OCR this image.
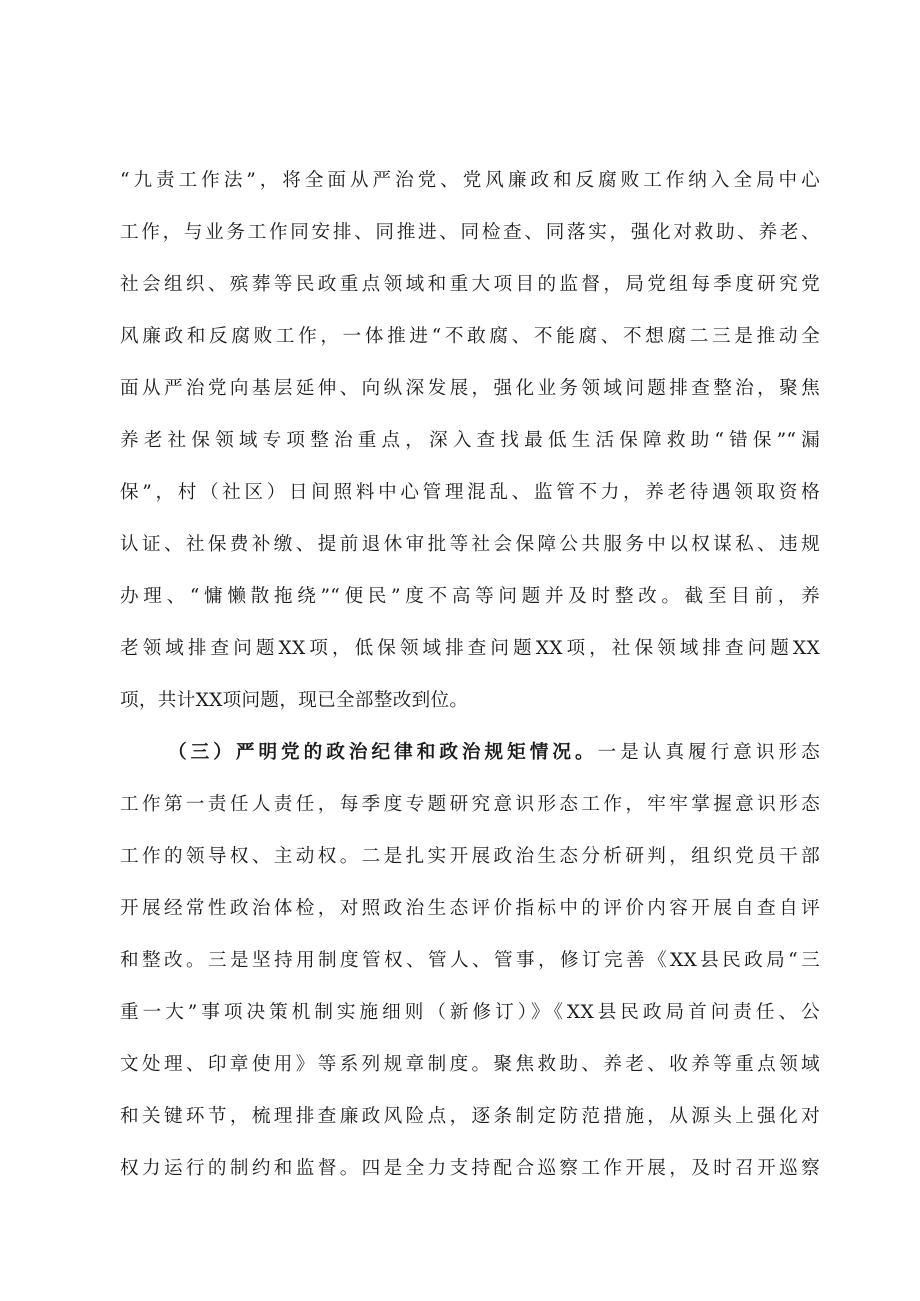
“九责工作法”，将全面从严治党、党风廉政和反腐败工作纳入全局中心
工作，与业务工作同安排、同推进、同检查、同落实，强化对救助、养老、
社会组织、殡葬等民政重点领域和重大项目的监督，局党组每季度研究党
风廉政和反腐败工作，一体推进“不敢腐、不能腐、不想腐二三是推动全
面从严治党向基层延伸、向纵深发展，强化业务领域问题排查整治，聚焦
养老社保领域专项整治重点，深入查找最低生活保障救助“错保”“漏
保”，村（社区）日间照料中心管理混乱、监管不力，养老待遇领取资格
认证、社保费补缴、提前退休审批等社会保障公共服务中以权谋私、违规
办理、“慵懒散拖绕”“便民”度不高等问题并及时整改。截至目前，养
老领域排查问题XX项，低保领域排查问题XX项，社保领域排查问题XX
项，共计XX项问题，现已全部整改到位。
（三）严明党的政治纪律和政治规矩情况。一是认真履行意识形态
工作第一责任人责任，每季度专题研究意识形态工作，牢牢掌握意识形态
工作的领导权、主动权。二是扎实开展政治生态分析研判，组织党员干部
开展经常性政治体检，对照政治生态评价指标中的评价内容开展自查自评
和整改。三是坚持用制度管权、管人、管事，修订完善《XX县民政局“三
重一大”事项决策机制实施细则（新修订）》《XX县民政局首问责任、公
文处理、印章使用》等系列规章制度。聚焦救助、养老、收养等重点领域
和关键环节，梳理排查廉政风险点，逐条制定防范措施，从源头上强化对
权力运行的制约和监督。四是全力支持配合巡察工作开展，及时召开巡察
